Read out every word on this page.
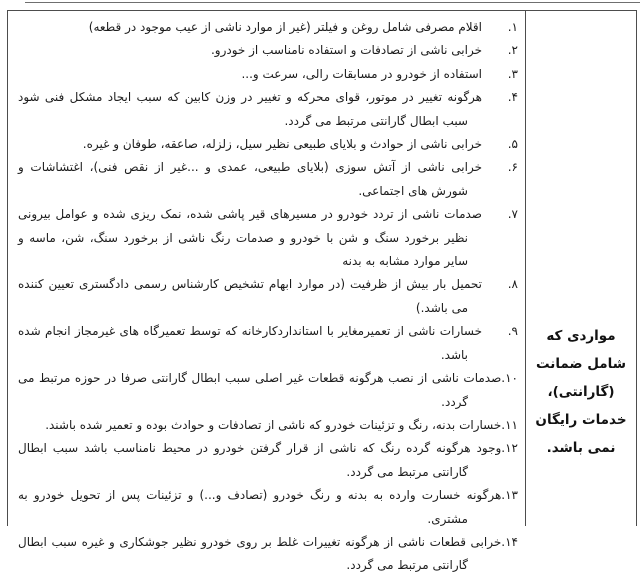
۱.اقلام مصرفی شامل روغن و فیلتر (غیر از موارد ناشی از عیب موجود در قطعه)
۲.خرابی ناشی از تصادفات و استفاده نامناسب از خودرو.
۳.استفاده از خودرو در مسابقات رالی، سرعت و...
۴.هرگونه تغییر در موتور، قوای محرکه و تغییر در وزن کابین که سبب ایجاد مشکل فنی شود سبب ابطال گارانتی مرتبط می گردد.
۵.خرابی ناشی از حوادث و بلایای طبیعی نظیر سیل، زلزله، صاعقه، طوفان و غیره.
۶.خرابی ناشی از آتش سوزی (بلایای طبیعی، عمدی و ...غیر از نقص فنی)، اغتشاشات و شورش های اجتماعی.
۷.صدمات ناشی از تردد خودرو در مسیرهای قیر پاشی شده، نمک ریزی شده و عوامل بیرونی نظیر برخورد سنگ و شن با خودرو و صدمات رنگ ناشی از برخورد سنگ، شن، ماسه و سایر موارد مشابه به بدنه
۸.تحمیل بار بیش از ظرفیت (در موارد ابهام تشخیص کارشناس رسمی دادگستری تعیین کننده می باشد.)
۹.خسارات ناشی از تعمیرمغایر با استانداردکارخانه که توسط تعمیرگاه های غیرمجاز انجام شده باشد.
۱۰.صدمات ناشی از نصب هرگونه قطعات غیر اصلی سبب ابطال گارانتی صرفا در حوزه مرتبط می گردد.
۱۱.خسارات بدنه، رنگ و تزئینات خودرو که ناشی از تصادفات و حوادث بوده و تعمیر شده باشند.
۱۲.وجود هرگونه گرده رنگ که ناشی از قرار گرفتن خودرو در محیط نامناسب باشد سبب ابطال گارانتی مرتبط می گردد.
۱۳.هرگونه خسارت وارده به بدنه و رنگ خودرو (تصادف و...) و تزئینات پس از تحویل خودرو به مشتری.
۱۴.خرابی قطعات ناشی از هرگونه تغییرات غلط بر روی خودرو نظیر جوشکاری و غیره سبب ابطال گارانتی مرتبط می گردد.
مواردی که
شامل ضمانت
(گارانتی)،
خدمات رایگان
نمی باشد.
